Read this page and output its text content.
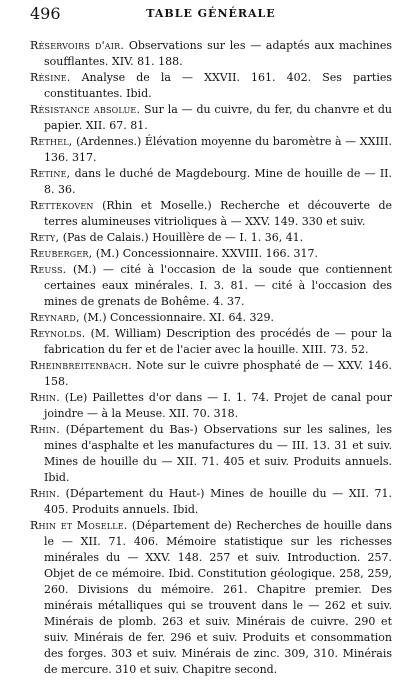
496	TABLE GÉNÉRALE

Réservoirs d'air. Observations sur les — adaptés aux machines soufflantes. XIV. 81. 188.

Résine. Analyse de la — XXVII. 161. 402. Ses parties constituantes. Ibid.

Résistance absolue. Sur la — du cuivre, du fer, du chanvre et du papier. XII. 67. 81.

Rethel, (Ardennes.) Élévation moyenne du baromètre à — XXIII. 136. 317.

Retine, dans le duché de Magdebourg. Mine de houille de — II. 8. 36.

Rettekoven (Rhin et Moselle.) Recherche et découverte de terres alumineuses vitrioliques à — XXV. 149. 330 et suiv.

Rety, (Pas de Calais.) Houillère de — I. 1. 36, 41.

Reuberger, (M.) Concessionnaire. XXVIII. 166. 317.

Reuss. (M.) — cité à l'occasion de la soude que contiennent certaines eaux minérales. I. 3. 81. — cité à l'occasion des mines de grenats de Bohême. 4. 37.

Reynard, (M.) Concessionnaire. XI. 64. 329.

Reynolds. (M. William) Description des procédés de — pour la fabrication du fer et de l'acier avec la houille. XIII. 73. 52.

Rheinbreitenbach. Note sur le cuivre phosphaté de — XXV. 146. 158.

Rhin. (Le) Paillettes d'or dans — I. 1. 74. Projet de canal pour joindre — à la Meuse. XII. 70. 318.

Rhin. (Département du Bas-) Observations sur les salines, les mines d'asphalte et les manufactures du — III. 13. 31 et suiv. Mines de houille du — XII. 71. 405 et suiv. Produits annuels. Ibid.

Rhin. (Département du Haut-) Mines de houille du — XII. 71. 405. Produits annuels. Ibid.

Rhin et Moselle. (Département de) Recherches de houille dans le — XII. 71. 406. Mémoire statistique sur les richesses minérales du — XXV. 148. 257 et suiv. Introduction. 257. Objet de ce mémoire. Ibid. Constitution géologique. 258, 259, 260. Divisions du mémoire. 261. Chapitre premier. Des minérais métalliques qui se trouvent dans le — 262 et suiv. Minérais de plomb. 263 et suiv. Minérais de cuivre. 290 et suiv. Minérais de fer. 296 et suiv. Produits et consommation des forges. 303 et suiv. Minérais de zinc. 309, 310. Minérais de mercure. 310 et suiv. Chapitre second.
